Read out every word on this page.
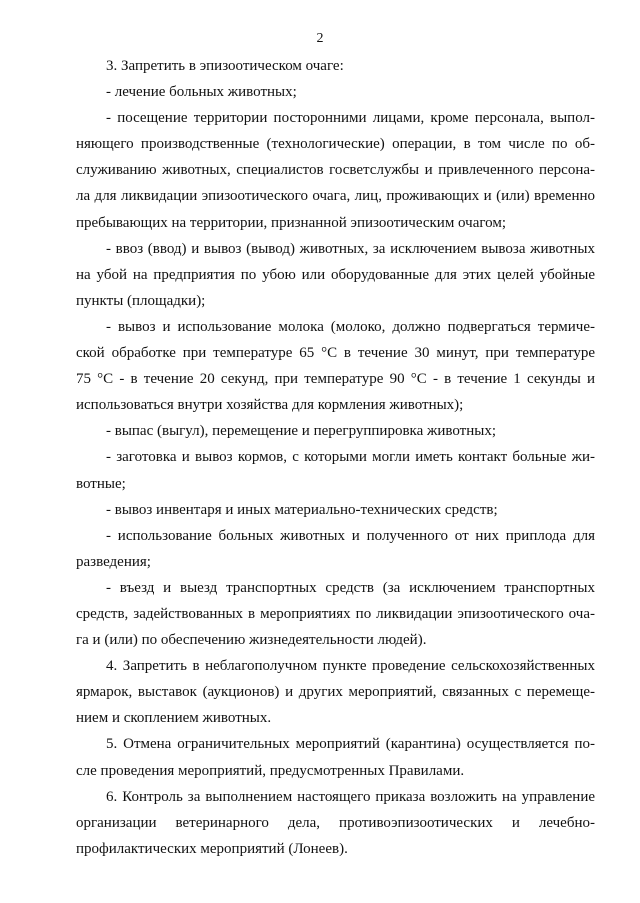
2
3. Запретить в эпизоотическом очаге:
- лечение больных животных;
- посещение территории посторонними лицами, кроме персонала, выпол-
няющего производственные (технологические) операции, в том числе по об-
служиванию животных, специалистов госветслужбы и привлеченного персона-
ла для ликвидации эпизоотического очага, лиц, проживающих и (или) временно
пребывающих на территории, признанной эпизоотическим очагом;
- ввоз (ввод) и вывоз (вывод) животных, за исключением вывоза животных
на убой на предприятия по убою или оборудованные для этих целей убойные
пункты (площадки);
- вывоз и использование молока (молоко, должно подвергаться термиче-
ской обработке при температуре 65 °С в течение 30 минут, при температуре
75 °С - в течение 20 секунд, при температуре 90 °С - в течение 1 секунды и
использоваться внутри хозяйства для кормления животных);
- выпас (выгул), перемещение и перегруппировка животных;
- заготовка и вывоз кормов, с которыми могли иметь контакт больные жи-
вотные;
- вывоз инвентаря и иных материально-технических средств;
- использование больных животных и полученного от них приплода для
разведения;
- въезд и выезд транспортных средств (за исключением транспортных
средств, задействованных в мероприятиях по ликвидации эпизоотического оча-
га и (или) по обеспечению жизнедеятельности людей).
4. Запретить в неблагополучном пункте проведение сельскохозяйственных
ярмарок, выставок (аукционов) и других мероприятий, связанных с перемеще-
нием и скоплением животных.
5. Отмена ограничительных мероприятий (карантина) осуществляется по-
сле проведения мероприятий, предусмотренных Правилами.
6. Контроль за выполнением настоящего приказа возложить на управление
организации ветеринарного дела, противоэпизоотических и лечебно-
профилактических мероприятий (Лонеев).
